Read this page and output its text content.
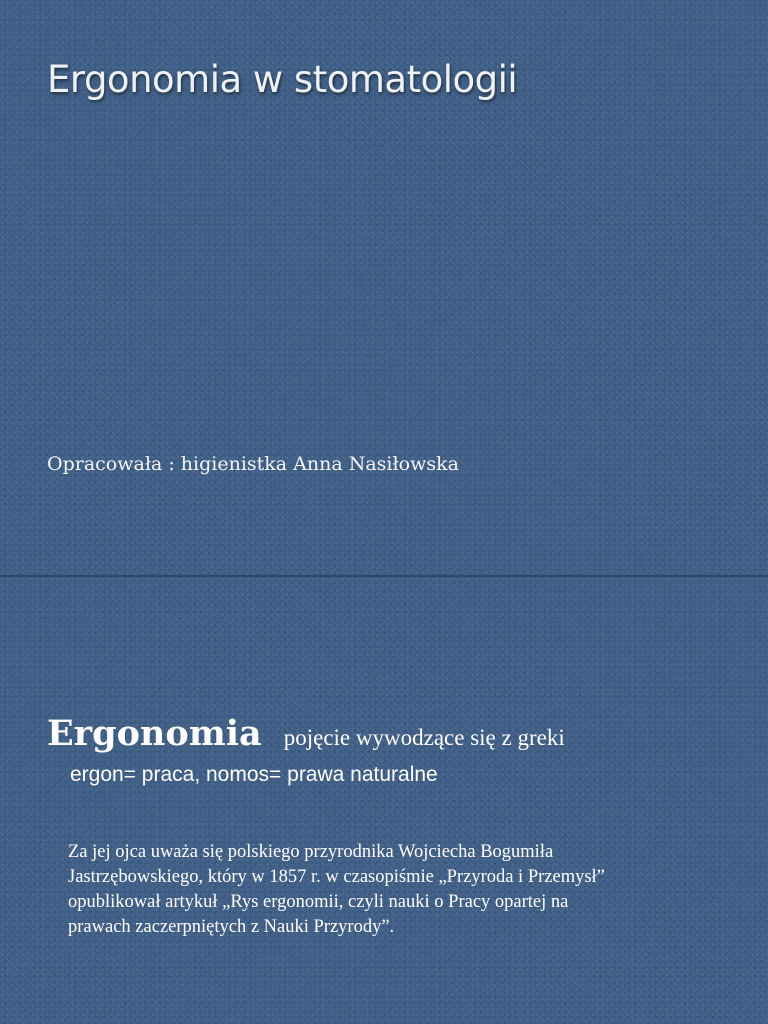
Ergonomia w stomatologii

Opracowała : higienistka Anna Nasiłowska

Ergonomia pojęcie wywodzące się z greki

ergon= praca, nomos= prawa naturalne

Za jej ojca uważa się polskiego przyrodnika Wojciecha Bogumiła
Jastrzębowskiego, który w 1857 r. w czasopiśmie „Przyroda i Przemysł”
opublikował artykuł „Rys ergonomii, czyli nauki o Pracy opartej na
prawach zaczerpniętych z Nauki Przyrody”.
